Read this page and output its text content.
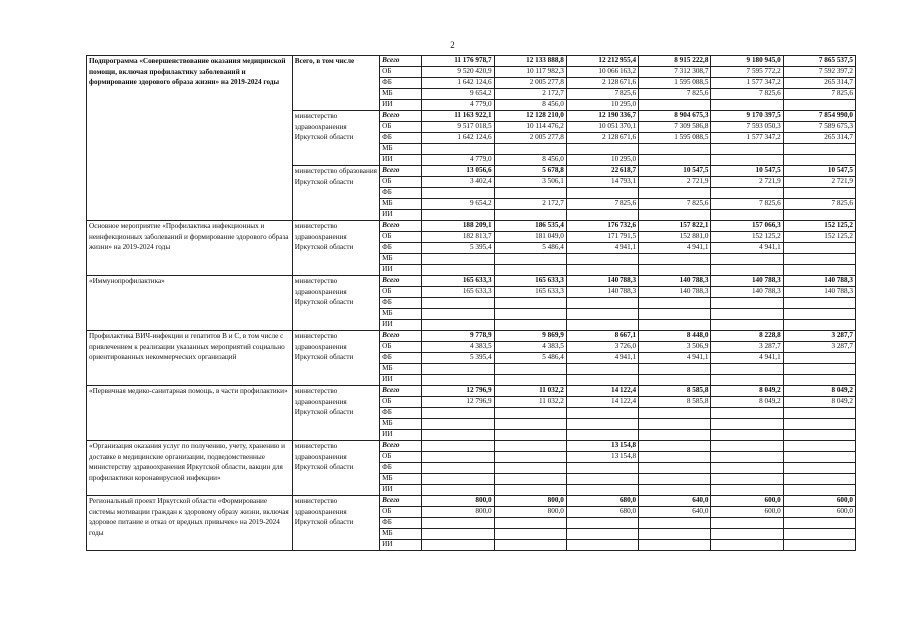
2
Подпрограмма «Совершенствование оказания медицинской помощи, включая профилактику заболеваний и формирование здорового образа жизни» на 2019-2024 годы	Всего, в том числе	Всего	11 176 978,7	12 133 888,8	12 212 955,4	8 915 222,8	9 180 945,0	7 865 537,5
		ОБ	9 520 420,9	10 117 982,3	10 066 163,2	7 312 308,7	7 595 772,2	7 592 397,2
		ФБ	1 642 124,6	2 005 277,8	2 128 671,6	1 595 088,5	1 577 347,2	265 314,7
		МБ	9 654,2	2 172,7	7 825,6	7 825,6	7 825,6	7 825,6
		ИИ	4 779,0	8 456,0	10 295,0			
	министерство здравоохранения Иркутской области	Всего	11 163 922,1	12 128 210,0	12 190 336,7	8 904 675,3	9 170 397,5	7 854 990,0
		ОБ	9 517 018,5	10 114 476,2	10 051 370,1	7 309 586,8	7 593 050,3	7 589 675,3
		ФБ	1 642 124,6	2 005 277,8	2 128 671,6	1 595 088,5	1 577 347,2	265 314,7
		МБ						
		ИИ	4 779,0	8 456,0	10 295,0			
	министерство образования Иркутской области	Всего	13 056,6	5 678,8	22 618,7	10 547,5	10 547,5	10 547,5
		ОБ	3 402,4	3 506,1	14 793,1	2 721,9	2 721,9	2 721,9
		ФБ						
		МБ	9 654,2	2 172,7	7 825,6	7 825,6	7 825,6	7 825,6
		ИИ						
Основное мероприятие «Профилактика инфекционных и неинфекционных заболеваний и формирование здорового образа жизни» на 2019-2024 годы	министерство здравоохранения Иркутской области	Всего	188 209,1	186 535,4	176 732,6	157 822,1	157 066,3	152 125,2
		ОБ	182 813,7	181 049,0	171 791,5	152 881,0	152 125,2	152 125,2
		ФБ	5 395,4	5 486,4	4 941,1	4 941,1	4 941,1	
		МБ						
		ИИ						
«Иммунопрофилактика»	министерство здравоохранения Иркутской области	Всего	165 633,3	165 633,3	140 788,3	140 788,3	140 788,3	140 788,3
		ОБ	165 633,3	165 633,3	140 788,3	140 788,3	140 788,3	140 788,3
		ФБ						
		МБ						
		ИИ						
Профилактика ВИЧ-инфекции и гепатитов В и С, в том числе с привлечением к реализации указанных мероприятий социально ориентированных некоммерческих организаций	министерство здравоохранения Иркутской области	Всего	9 778,9	9 869,9	8 667,1	8 448,0	8 228,8	3 287,7
		ОБ	4 383,5	4 383,5	3 726,0	3 506,9	3 287,7	3 287,7
		ФБ	5 395,4	5 486,4	4 941,1	4 941,1	4 941,1	
		МБ						
		ИИ						
«Первичная медико-санитарная помощь, в части профилактики»	министерство здравоохранения Иркутской области	Всего	12 796,9	11 032,2	14 122,4	8 585,8	8 049,2	8 049,2
		ОБ	12 796,9	11 032,2	14 122,4	8 585,8	8 049,2	8 049,2
		ФБ						
		МБ						
		ИИ						
«Организация оказания услуг по получению, учету, хранению и доставке в медицинские организации, подведомственные министерству здравоохранения Иркутской области, вакцин для профилактики коронавирусной инфекции»	министерство здравоохранения Иркутской области	Всего			13 154,8			
		ОБ			13 154,8			
		ФБ						
		МБ						
		ИИ						
Региональный проект Иркутской области «Формирование системы мотивации граждан к здоровому образу жизни, включая здоровое питание и отказ от вредных привычек» на 2019-2024 годы	министерство здравоохранения Иркутской области	Всего	800,0	800,0	680,0	640,0	600,0	600,0
		ОБ	800,0	800,0	680,0	640,0	600,0	600,0
		ФБ						
		МБ						
		ИИ						
